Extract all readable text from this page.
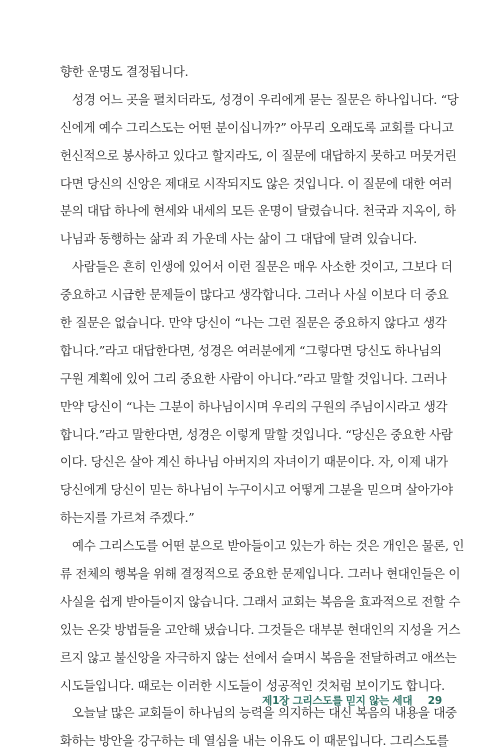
향한 운명도 결정됩니다.
성경 어느 곳을 펼치더라도, 성경이 우리에게 묻는 질문은 하나입니다. “당
신에게 예수 그리스도는 어떤 분이십니까?” 아무리 오래도록 교회를 다니고
헌신적으로 봉사하고 있다고 할지라도, 이 질문에 대답하지 못하고 머뭇거린
다면 당신의 신앙은 제대로 시작되지도 않은 것입니다. 이 질문에 대한 여러
분의 대답 하나에 현세와 내세의 모든 운명이 달렸습니다. 천국과 지옥이, 하
나님과 동행하는 삶과 죄 가운데 사는 삶이 그 대답에 달려 있습니다.
사람들은 흔히 인생에 있어서 이런 질문은 매우 사소한 것이고, 그보다 더
중요하고 시급한 문제들이 많다고 생각합니다. 그러나 사실 이보다 더 중요
한 질문은 없습니다. 만약 당신이 “나는 그런 질문은 중요하지 않다고 생각
합니다.”라고 대답한다면, 성경은 여러분에게 “그렇다면 당신도 하나님의
구원 계획에 있어 그리 중요한 사람이 아니다.”라고 말할 것입니다. 그러나
만약 당신이 “나는 그분이 하나님이시며 우리의 구원의 주님이시라고 생각
합니다.”라고 말한다면, 성경은 이렇게 말할 것입니다. “당신은 중요한 사람
이다. 당신은 살아 계신 하나님 아버지의 자녀이기 때문이다. 자, 이제 내가
당신에게 당신이 믿는 하나님이 누구이시고 어떻게 그분을 믿으며 살아가야
하는지를 가르쳐 주겠다.”
예수 그리스도를 어떤 분으로 받아들이고 있는가 하는 것은 개인은 물론, 인
류 전체의 행복을 위해 결정적으로 중요한 문제입니다. 그러나 현대인들은 이
사실을 쉽게 받아들이지 않습니다. 그래서 교회는 복음을 효과적으로 전할 수
있는 온갖 방법들을 고안해 냈습니다. 그것들은 대부분 현대인의 지성을 거스
르지 않고 불신앙을 자극하지 않는 선에서 슬며시 복음을 전달하려고 애쓰는
시도들입니다. 때로는 이러한 시도들이 성공적인 것처럼 보이기도 합니다.
오늘날 많은 교회들이 하나님의 능력을 의지하는 대신 복음의 내용을 대중
화하는 방안을 강구하는 데 열심을 내는 이유도 이 때문입니다. 그리스도를
제1장 그리스도를 믿지 않는 세대 29
